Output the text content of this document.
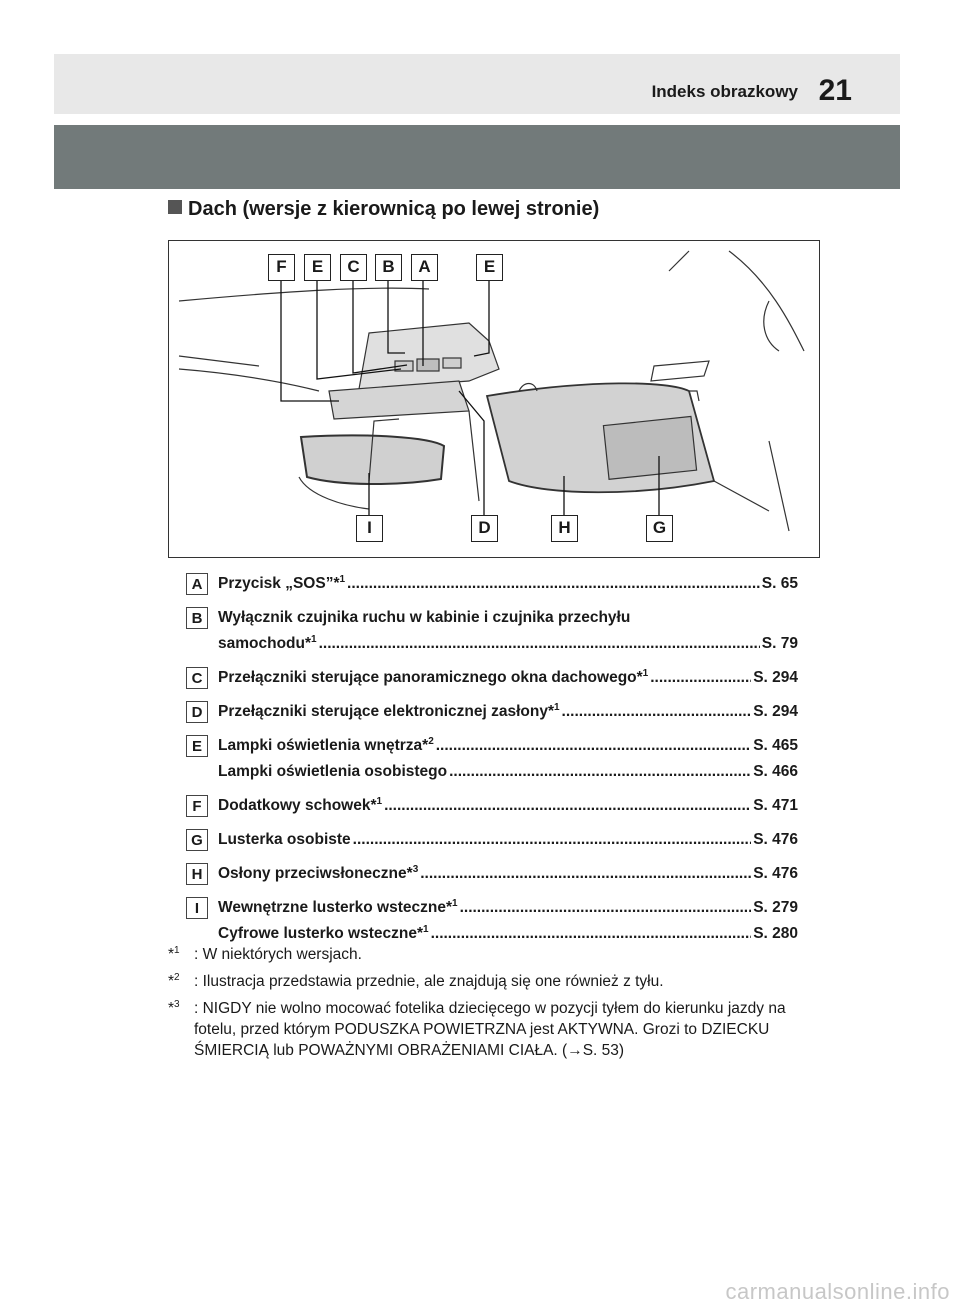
Indeks obrazkowy 21
Dach (wersje z kierownicą po lewej stronie)
F	E	C	B	A	E
I	D	H	G
A	Przycisk „SOS”*$^1$ .....	S. 65
B	Wyłącznik czujnika ruchu w kabinie i czujnika przechyłu
samochodu*$^1$ .....	S. 79
C	Przełączniki sterujące panoramicznego okna dachowego*$^1$ .....	S. 294
D	Przełączniki sterujące elektronicznej zasłony*$^1$ .....	S. 294
E	Lampki oświetlenia wnętrza*$^2$ .....	S. 465
Lampki oświetlenia osobistego .....	S. 466
F	Dodatkowy schowek*$^1$ .....	S. 471
G Lusterka osobiste .....	S. 476
H	Osłony przeciwsłoneczne*$^3$ .....	S. 476
I	Wewnętrzne lusterko wsteczne*$^1$ .....	S. 279
Cyfrowe lusterko wsteczne*$^1$ .....	S. 280
*$^1$ : W niektórych wersjach.
*$^2$ : Ilustracja przedstawia przednie, ale znajdują się one również z tyłu.
*$^3$ : NIGDY nie wolno mocować fotelika dziecięcego w pozycji tyłem do kierunku jazdy na fotelu, przed którym PODUSZKA POWIETRZNA jest AKTYWNA. Grozi to DZIECKU ŚMIERCIĄ lub POWAŻNYMI OBRAŻENIAMI CIAŁA. (→S. 53)
carmanualsonline.info
